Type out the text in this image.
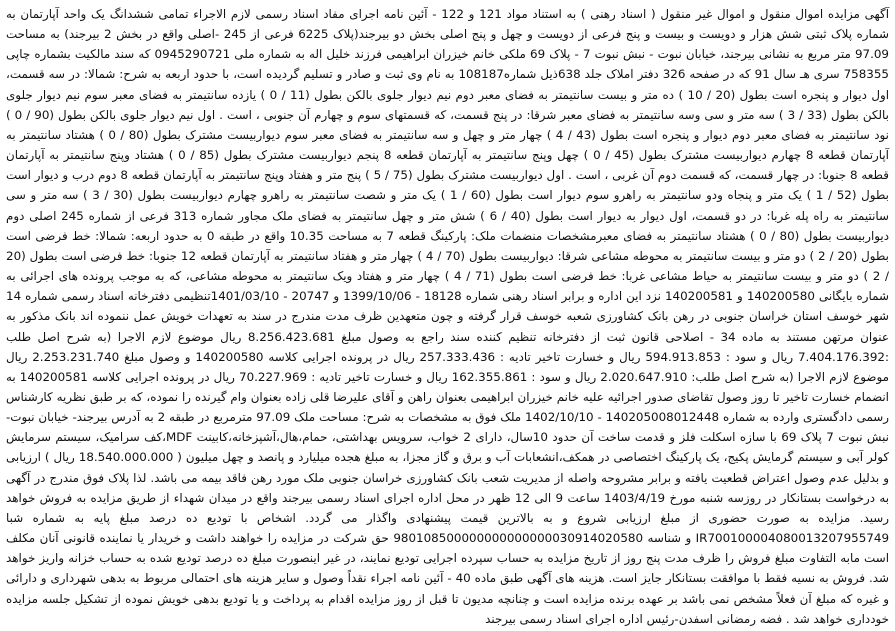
آگهی مزایده اموال منقول و اموال غیر منقول ( اسناد رهنی ) به استناد مواد 121 و 122 - آئین نامه اجرای مفاد اسناد رسمی لازم الاجراء تمامی ششدانگ یک واحد آپارتمان به شماره پلاک ثبتی شش هزار و دویست و بیست و پنج فرعی از دویست و چهل و پنج اصلی بخش دو بیرجند(پلاک 6225 فرعی از 245 -اصلی واقع در بخش 2 بیرجند) به مساحت 97.09 متر مربع به نشانی بیرجند، خیابان نبوت - نبش نبوت 7 - پلاک 69 ملکی خانم خیزران ابراهیمی فرزند خلیل اله به شماره ملی 0945290721 که سند مالکیت بشماره چاپی 758355 سری هـ سال 91 که در صفحه 326 دفتر املاک جلد 638ذیل شماره108187 به نام وی ثبت و صادر و تسلیم گردیده است، با حدود اربعه به شرح: شمالا: در سه قسمت، اول دیوار و پنجره است بطول (20 / 10 ) ده متر و بیست سانتیمتر به فضای معبر دوم نیم دیوار جلوی بالکن بطول (11 / 0 ) یازده سانتیمتر به فضای معبر سوم نیم دیوار جلوی بالکن بطول (33 / 3 ) سه متر و سی وسه سانتیمتر به فضای معبر شرقا: در پنج قسمت، که قسمتهای سوم و چهارم آن جنوبی ، است . اول نیم دیوار جلوی بالکن بطول (90 / 0 ) نود سانتیمتر به فضای معبر دوم دیوار و پنجره است بطول (43 / 4 ) چهار متر و چهل و سه سانتیمتر به فضای معبر سوم دیواربیست مشترک بطول (80 / 0 ) هشتاد سانتیمتر به آپارتمان قطعه 8 چهارم دیواربیست مشترک بطول (45 / 0 ) چهل وپنج سانتیمتر به آپارتمان قطعه 8 پنجم دیواربیست مشترک بطول (85 / 0 ) هشتاد وپنج سانتیمتر به آپارتمان قطعه 8 جنوبا: در چهار قسمت، که قسمت دوم آن غربی ، است . اول دیواربیست مشترک بطول (75 / 5 ) پنج متر و هفتاد وپنج سانتیمتر به آپارتمان قطعه 8 دوم درب و دیوار است بطول (52 / 1 ) یک متر و پنجاه ودو سانتیمتر به راهرو سوم دیوار است بطول (60 / 1 ) یک متر و شصت سانتیمتر به راهرو چهارم دیواربیست بطول (30 / 3 ) سه متر و سی سانتیمتر به راه پله غربا: در دو قسمت، اول دیوار به دیوار است بطول (40 / 6 ) شش متر و چهل سانتیمتر به فضای ملک مجاور شماره 313 فرعی از شماره 245 اصلی دوم دیواربیست بطول (80 / 0 ) هشتاد سانتیمتر به فضای معبرمشخصات منضمات ملک: پارکینگ قطعه 7 به مساحت 10.35 واقع در طبقه 0 به حدود اربعه: شمالا: خط فرضی است بطول (20 / 2 ) دو متر و بیست سانتیمتر به محوطه مشاعی شرقا: دیواربیست بطول (70 / 4 ) چهار متر و هفتاد سانتیمتر به آپارتمان قطعه 12 جنوبا: خط فرضی است بطول (20 / 2 ) دو متر و بیست سانتیمتر به حیاط مشاعی غربا: خط فرضی است بطول (71 / 4 ) چهار متر و هفتاد ویک سانتیمتر به محوطه مشاعی، که به موجب پرونده های اجرائی به شماره بایگانی 140200580 و 140200581 نزد این اداره و برابر اسناد رهنی شماره 18128 - 1399/10/06 و 20747 - 1401/03/10تنظیمی دفترخانه اسناد رسمی شماره 14 شهر خوسف استان خراسان جنوبی در رهن بانک کشاورزی شعبه خوسف قرار گرفته و چون متعهدین ظرف مدت مندرج در سند به تعهدات خویش عمل ننموده اند بانک مذکور به عنوان مرتهن مستند به ماده 34 - اصلاحی قانون ثبت از دفترخانه تنظیم کننده سند راجع به وصول مبلغ 8.256.423.681 ریال موضوع لازم الاجرا (به شرح اصل طلب :7.404.176.392 ریال و سود : 594.913.853 ریال و خسارت تاخیر تادیه : 257.333.436 ریال در پرونده اجرایی کلاسه 140200580 و وصول مبلغ 2.253.231.740 ریال موضوع لازم الاجرا (به شرح اصل طلب: 2.020.647.910 ریال و سود : 162.355.861 ریال و خسارت تاخیر تادیه : 70.227.969 ریال در پرونده اجرایی کلاسه 140200581 به انضمام خسارت تاخیر تا روز وصول تقاضای صدور اجرائیه علیه خانم خیزران ابراهیمی بعنوان راهن و آقای علیرضا قلی زاده بعنوان وام گیرنده را نموده، که بر طبق نظریه کارشناس رسمی دادگستری وارده به شماره 140205008012448 - 1402/10/10 ملک فوق به مشخصات به شرح: مساحت ملک 97.09 مترمربع در طبقه 2 به آدرس بیرجند- خیابان نبوت- نبش نبوت 7 پلاک 69 با سازه اسکلت فلز و قدمت ساخت آن حدود 10سال، دارای 2 خواب، سرویس بهداشتی، حمام،هال،آشپزخانه،کابینت MDF،کف سرامیک، سیستم سرمایش کولر آبی و سیستم گرمایش پکیج، یک پارکینگ اختصاصی در همکف،انشعابات آب و برق و گاز مجزا، به مبلغ هجده میلیارد و پانصد و چهل میلیون ( 18.540.000.000 ریال ) ارزیابی و بدلیل عدم وصول اعتراض قطعیت یافته و برابر مشروحه واصله از مدیریت شعب بانک کشاورزی خراسان جنوبی ملک مورد رهن فاقد بیمه می باشد. لذا پلاک فوق مندرج در آگهی به درخواست بستانکار در روزسه شنبه مورخ 1403/4/19 ساعت 9 الی 12 ظهر در محل اداره اجرای اسناد رسمی بیرجند واقع در میدان شهداء از طریق مزایده به فروش خواهد رسید. مزایده به صورت حضوری از مبلغ ارزیابی شروع و به بالاترین قیمت پیشنهادی واگذار می گردد. اشخاص با تودیع ده درصد مبلغ پایه به شماره شبا IR700100004080013207955749 و شناسه 980108500000000000000030914020580 حق شرکت در مزایده را خواهند داشت و خریدار یا نماینده قانونی آنان مکلف است مابه التفاوت مبلغ فروش را ظرف مدت پنج روز از تاریخ مزایده به حساب سپرده اجرایی تودیع نمایند، در غیر اینصورت مبلغ ده درصد تودیع شده به حساب خزانه واریز خواهد شد. فروش به نسیه فقط با موافقت بستانکار جایز است. هزینه های آگهی طبق ماده 40 - آئین نامه اجراء نقداً وصول و سایر هزینه های احتمالی مربوط به بدهی شهرداری و دارائی و غیره که مبلغ آن فعلاً مشخص نمی باشد بر عهده برنده مزایده است و چنانچه مدیون تا قبل از روز مزایده اقدام به پرداخت و یا تودیع بدهی خویش نموده از تشکیل جلسه مزایده خودداری خواهد شد . فضه رمضانی اسفدن-رئیس اداره اجرای اسناد رسمی بیرجند
